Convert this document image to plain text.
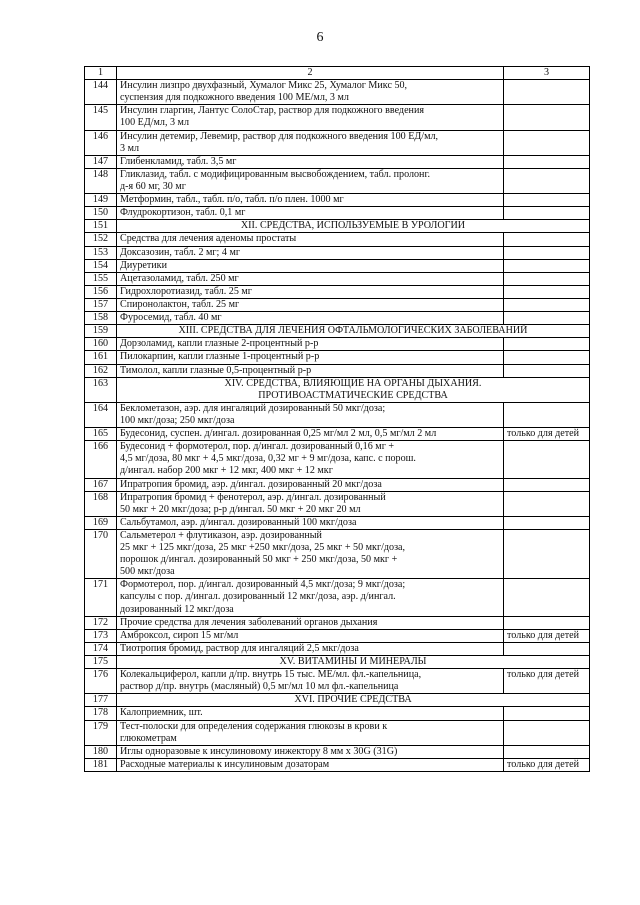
6
1	2	3
144	Инсулин лизпро двухфазный, Хумалог Микс 25, Хумалог Микс 50,
суспензия для подкожного введения 100 МЕ/мл, 3 мл	
145	Инсулин гларгин, Лантус СолоСтар, раствор для подкожного введения
100 ЕД/мл, 3 мл	
146	Инсулин детемир, Левемир, раствор для подкожного введения 100 ЕД/мл,
3 мл	
147	Глибенкламид, табл. 3,5 мг	
148	Гликлазид, табл. с модифицированным высвобождением, табл. пролонг.
д-я 60 мг, 30 мг	
149	Метформин, табл., табл. п/о, табл. п/о плен. 1000 мг	
150	Флудрокортизон, табл. 0,1 мг	
151	XII. СРЕДСТВА, ИСПОЛЬЗУЕМЫЕ В УРОЛОГИИ	
152	Средства для лечения аденомы простаты	
153	Доксазозин, табл. 2 мг; 4 мг	
154	Диуретики	
155	Ацетазоламид, табл. 250 мг	
156	Гидрохлоротиазид, табл. 25 мг	
157	Спиронолактон, табл. 25 мг	
158	Фуросемид, табл. 40 мг	
159	XIII. СРЕДСТВА ДЛЯ ЛЕЧЕНИЯ ОФТАЛЬМОЛОГИЧЕСКИХ ЗАБОЛЕВАНИЙ	
160	Дорзоламид, капли глазные 2-процентный р-р	
161	Пилокарпин, капли глазные 1-процентный р-р	
162	Тимолол, капли глазные 0,5-процентный р-р	
163	XIV. СРЕДСТВА, ВЛИЯЮЩИЕ НА ОРГАНЫ ДЫХАНИЯ.
ПРОТИВОАСТМАТИЧЕСКИЕ СРЕДСТВА	
164	Беклометазон, аэр. для ингаляций дозированный 50 мкг/доза;
100 мкг/доза; 250 мкг/доза	
165	Будесонид, суспен. д/ингал. дозированная 0,25 мг/мл 2 мл, 0,5 мг/мл 2 мл	только для детей
166	Будесонид + формотерол, пор. д/ингал. дозированный 0,16 мг +
4,5 мг/доза, 80 мкг + 4,5 мкг/доза, 0,32 мг + 9 мг/доза, капс. с порош.
д/ингал. набор 200 мкг + 12 мкг, 400 мкг + 12 мкг	
167	Ипратропия бромид, аэр. д/ингал. дозированный 20 мкг/доза	
168	Ипратропия бромид + фенотерол, аэр. д/ингал. дозированный
50 мкг + 20 мкг/доза; р-р д/ингал. 50 мкг + 20 мкг 20 мл	
169	Сальбутамол, аэр. д/ингал. дозированный 100 мкг/доза	
170	Сальметерол + флутиказон, аэр. дозированный
25 мкг + 125 мкг/доза, 25 мкг +250 мкг/доза, 25 мкг + 50 мкг/доза,
порошок д/ингал. дозированный 50 мкг + 250 мкг/доза, 50 мкг +
500 мкг/доза	
171	Формотерол, пор. д/ингал. дозированный 4,5 мкг/доза; 9 мкг/доза;
капсулы с пор. д/ингал. дозированный 12 мкг/доза, аэр. д/ингал.
дозированный 12 мкг/доза	
172	Прочие средства для лечения заболеваний органов дыхания	
173	Амброксол, сироп 15 мг/мл	только для детей
174	Тиотропия бромид, раствор для ингаляций 2,5 мкг/доза	
175	XV. ВИТАМИНЫ И МИНЕРАЛЫ	
176	Колекальциферол, капли д/пр. внутрь 15 тыс. МЕ/мл. фл.-капельница,
раствор д/пр. внутрь (масляный) 0,5 мг/мл 10 мл фл.-капельница	только для детей
177	XVI. ПРОЧИЕ СРЕДСТВА	
178	Калоприемник, шт.	
179	Тест-полоски для определения содержания глюкозы в крови к
глюкометрам	
180	Иглы одноразовые к инсулиновому инжектору 8 мм х 30G (31G)	
181	Расходные материалы к инсулиновым дозаторам	только для детей
